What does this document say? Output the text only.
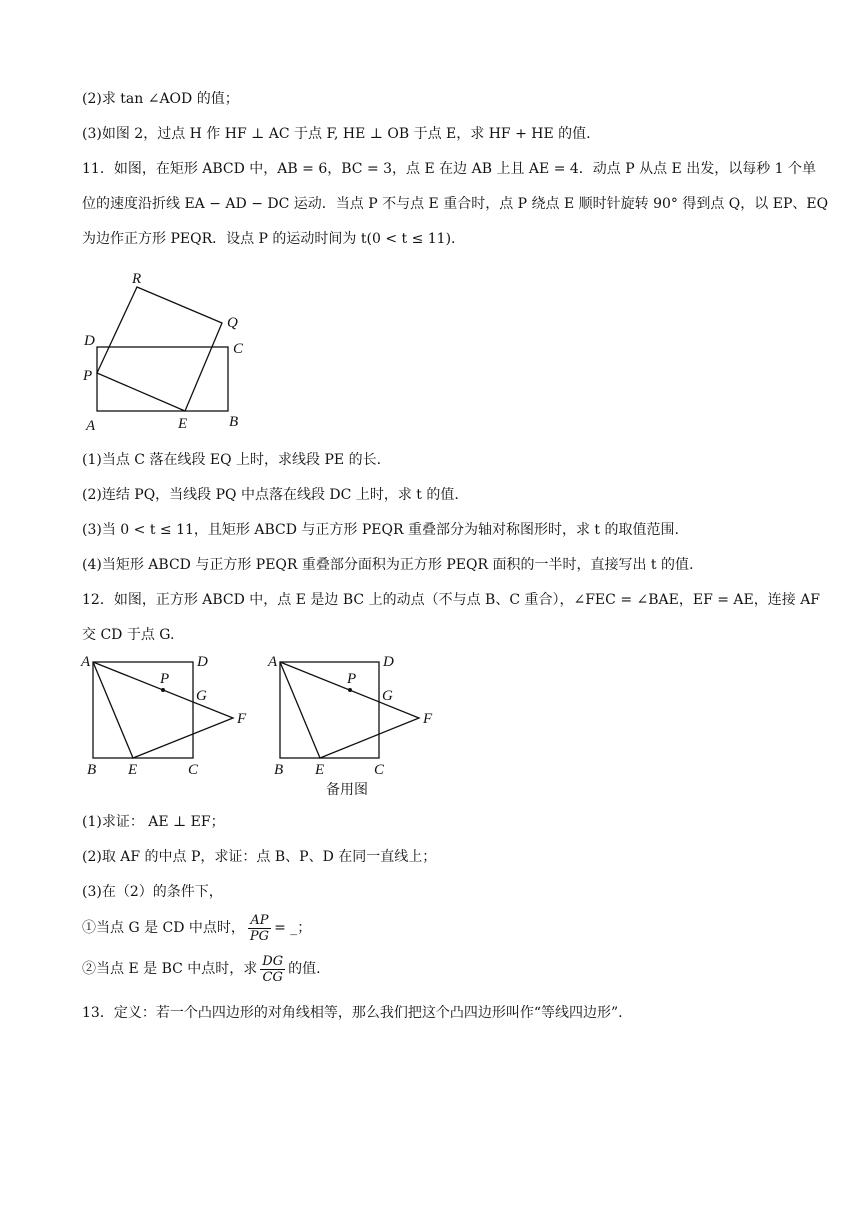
(2)求 tan ∠AOD 的值；
(3)如图 2，过点 H 作 HF ⊥ AC 于点 F, HE ⊥ OB 于点 E，求 HF + HE 的值.
11．如图，在矩形 ABCD 中，AB = 6，BC = 3，点 E 在边 AB 上且 AE = 4．动点 P 从点 E 出发，以每秒 1 个单
位的速度沿折线 EA − AD − DC 运动．当点 P 不与点 E 重合时，点 P 绕点 E 顺时针旋转 90° 得到点 Q，以 EP、EQ
为边作正方形 PEQR．设点 P 的运动时间为 t(0 < t ≤ 11).
R
Q
D	C
P
A	E	B
(1)当点 C 落在线段 EQ 上时，求线段 PE 的长.
(2)连结 PQ，当线段 PQ 中点落在线段 DC 上时，求 t 的值.
(3)当 0 < t ≤ 11，且矩形 ABCD 与正方形 PEQR 重叠部分为轴对称图形时，求 t 的取值范围.
(4)当矩形 ABCD 与正方形 PEQR 重叠部分面积为正方形 PEQR 面积的一半时，直接写出 t 的值.
12．如图，正方形 ABCD 中，点 E 是边 BC 上的动点（不与点 B、C 重合），∠FEC = ∠BAE，EF = AE，连接 AF
交 CD 于点 G.
A	D
P
G
F
B E	C
A	D
P
G
F
B E	C
备用图
(1)求证： AE ⊥ EF；
(2)取 AF 的中点 P，求证：点 B、P、D 在同一直线上；
(3)在（2）的条件下，
①当点 G 是 CD 中点时， $\frac{AP}{PG}$ = _；
②当点 E 是 BC 中点时，求 $\frac{DG}{CG}$ 的值.
13．定义：若一个凸四边形的对角线相等，那么我们把这个凸四边形叫作“等线四边形”.
